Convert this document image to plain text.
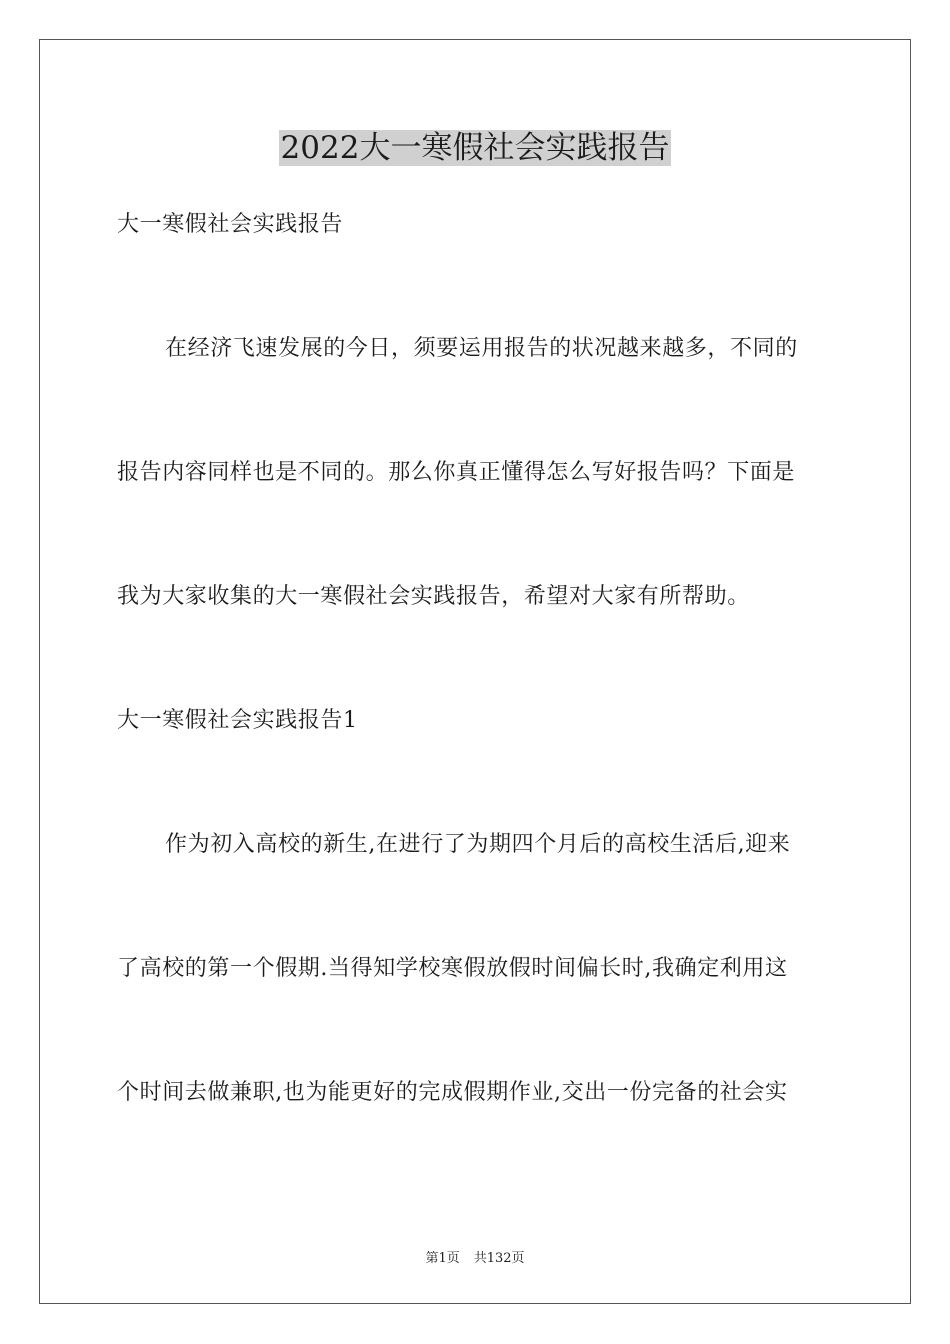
2022大一寒假社会实践报告
大一寒假社会实践报告
在经济飞速发展的今日，须要运用报告的状况越来越多，不同的
报告内容同样也是不同的。那么你真正懂得怎么写好报告吗？下面是
我为大家收集的大一寒假社会实践报告，希望对大家有所帮助。
大一寒假社会实践报告1
作为初入高校的新生,在进行了为期四个月后的高校生活后,迎来
了高校的第一个假期.当得知学校寒假放假时间偏长时,我确定利用这
个时间去做兼职,也为能更好的完成假期作业,交出一份完备的社会实
第1页 共132页
